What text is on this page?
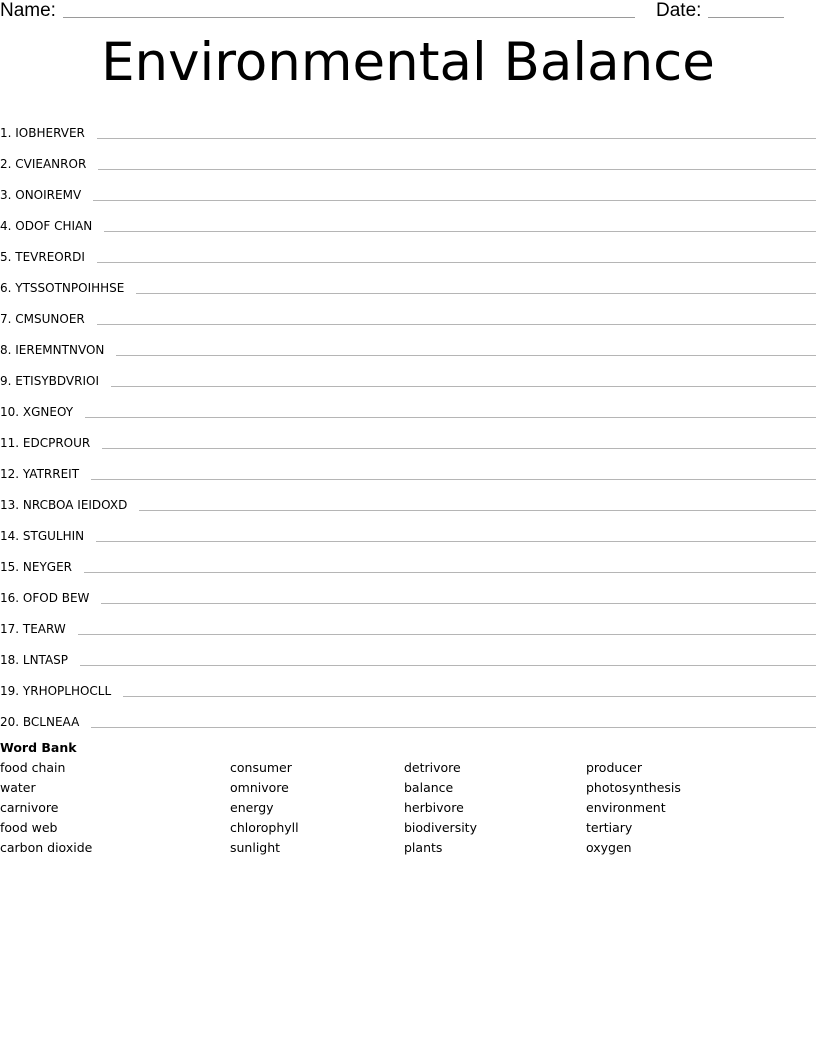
Name:	Date:
Environmental Balance
1. IOBHERVER
2. CVIEANROR
3. ONOIREMV
4. ODOF CHIAN
5. TEVREORDI
6. YTSSOTNPOIHHSE
7. CMSUNOER
8. IEREMNTNVON
9. ETISYBDVRIOI
10. XGNEOY
11. EDCPROUR
12. YATRREIT
13. NRCBOA IEIDOXD
14. STGULHIN
15. NEYGER
16. OFOD BEW
17. TEARW
18. LNTASP
19. YRHOPLHOCLL
20. BCLNEAA
Word Bank
food chain
water
carnivore
food web
carbon dioxide
consumer
omnivore
energy
chlorophyll
sunlight
detrivore
balance
herbivore
biodiversity
plants
producer
photosynthesis
environment
tertiary
oxygen
